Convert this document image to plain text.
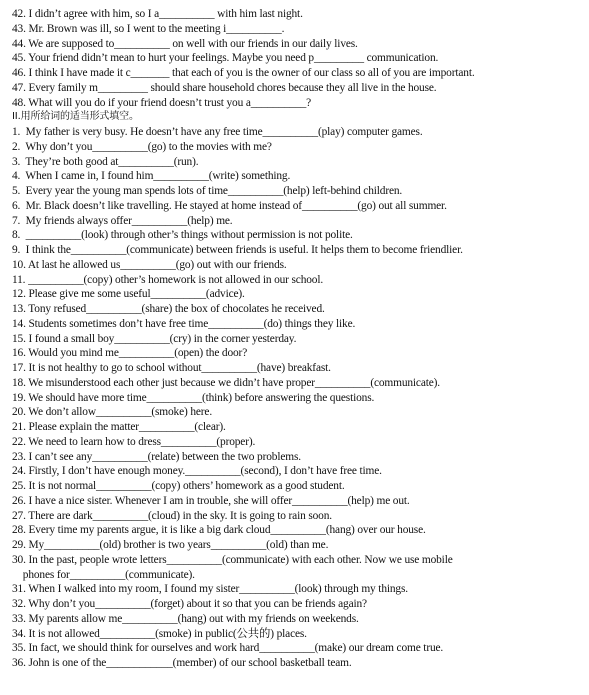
42. I didn’t agree with him, so I a__________ with him last night.
43. Mr. Brown was ill, so I went to the meeting i__________.
44. We are supposed to__________ on well with our friends in our daily lives.
45. Your friend didn’t mean to hurt your feelings. Maybe you need p_________ communication.
46. I think I have made it c_______ that each of you is the owner of our class so all of you are important.
47. Every family m_________ should share household chores because they all live in the house.
48. What will you do if your friend doesn’t trust you a__________?
II.用所给词的适当形式填空。
1.  My father is very busy. He doesn’t have any free time__________(play) computer games.
2.  Why don’t you__________(go) to the movies with me?
3.  They’re both good at__________(run).
4.  When I came in, I found him__________(write) something.
5.  Every year the young man spends lots of time__________(help) left-behind children.
6.  Mr. Black doesn’t like travelling. He stayed at home instead of__________(go) out all summer.
7.  My friends always offer__________(help) me.
8.  __________(look) through other’s things without permission is not polite.
9.  I think the__________(communicate) between friends is useful. It helps them to become friendlier.
10. At last he allowed us__________(go) out with our friends.
11. __________(copy) other’s homework is not allowed in our school.
12. Please give me some useful__________(advice).
13. Tony refused__________(share) the box of chocolates he received.
14. Students sometimes don’t have free time__________(do) things they like.
15. I found a small boy__________(cry) in the corner yesterday.
16. Would you mind me__________(open) the door?
17. It is not healthy to go to school without__________(have) breakfast.
18. We misunderstood each other just because we didn’t have proper__________(communicate).
19. We should have more time__________(think) before answering the questions.
20. We don’t allow__________(smoke) here.
21. Please explain the matter__________(clear).
22. We need to learn how to dress__________(proper).
23. I can’t see any__________(relate) between the two problems.
24. Firstly, I don’t have enough money.__________(second), I don’t have free time.
25. It is not normal__________(copy) others’ homework as a good student.
26. I have a nice sister. Whenever I am in trouble, she will offer__________(help) me out.
27. There are dark__________(cloud) in the sky. It is going to rain soon.
28. Every time my parents argue, it is like a big dark cloud__________(hang) over our house.
29. My__________(old) brother is two years__________(old) than me.
30. In the past, people wrote letters__________(communicate) with each other. Now we use mobile
phones for__________(communicate).
31. When I walked into my room, I found my sister__________(look) through my things.
32. Why don’t you__________(forget) about it so that you can be friends again?
33. My parents allow me__________(hang) out with my friends on weekends.
34. It is not allowed__________(smoke) in public(公共的) places.
35. In fact, we should think for ourselves and work hard__________(make) our dream come true.
36. John is one of the____________(member) of our school basketball team.
